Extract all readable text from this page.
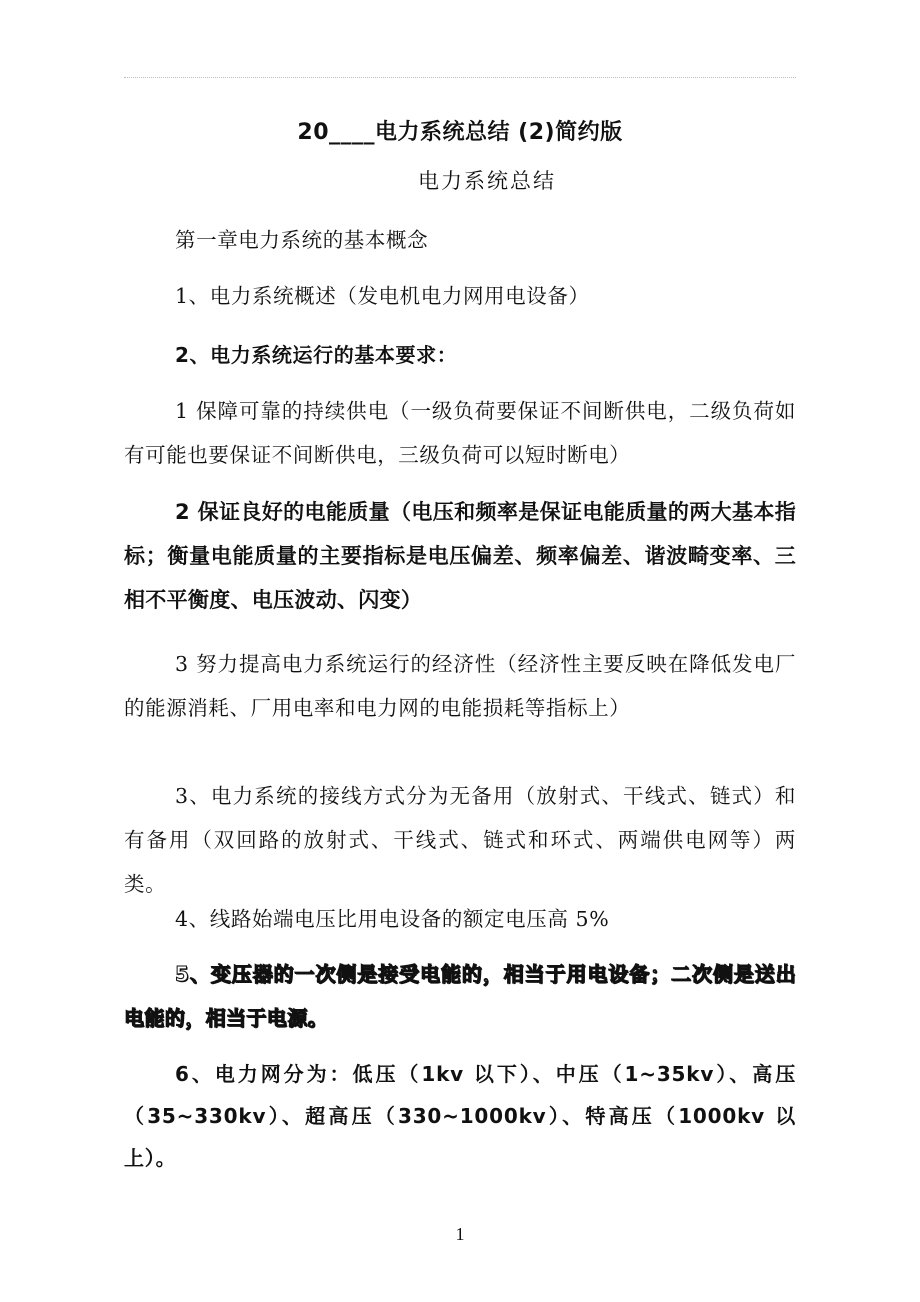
20____电力系统总结 (2)简约版
电力系统总结

第一章电力系统的基本概念

1、电力系统概述（发电机电力网用电设备）

2、电力系统运行的基本要求：

1 保障可靠的持续供电（一级负荷要保证不间断供电，二级负荷如有可能也要保证不间断供电，三级负荷可以短时断电）

2 保证良好的电能质量（电压和频率是保证电能质量的两大基本指标；衡量电能质量的主要指标是电压偏差、频率偏差、谐波畸变率、三相不平衡度、电压波动、闪变）

3 努力提高电力系统运行的经济性（经济性主要反映在降低发电厂的能源消耗、厂用电率和电力网的电能损耗等指标上）

3、电力系统的接线方式分为无备用（放射式、干线式、链式）和有备用（双回路的放射式、干线式、链式和环式、两端供电网等）两类。

4、线路始端电压比用电设备的额定电压高 5%

5、变压器的一次侧是接受电能的，相当于用电设备；二次侧是送出电能的，相当于电源。

6、电力网分为：低压（1kv 以下）、中压（1~35kv）、高压（35~330kv）、超高压（330~1000kv）、特高压（1000kv 以上）。

1
